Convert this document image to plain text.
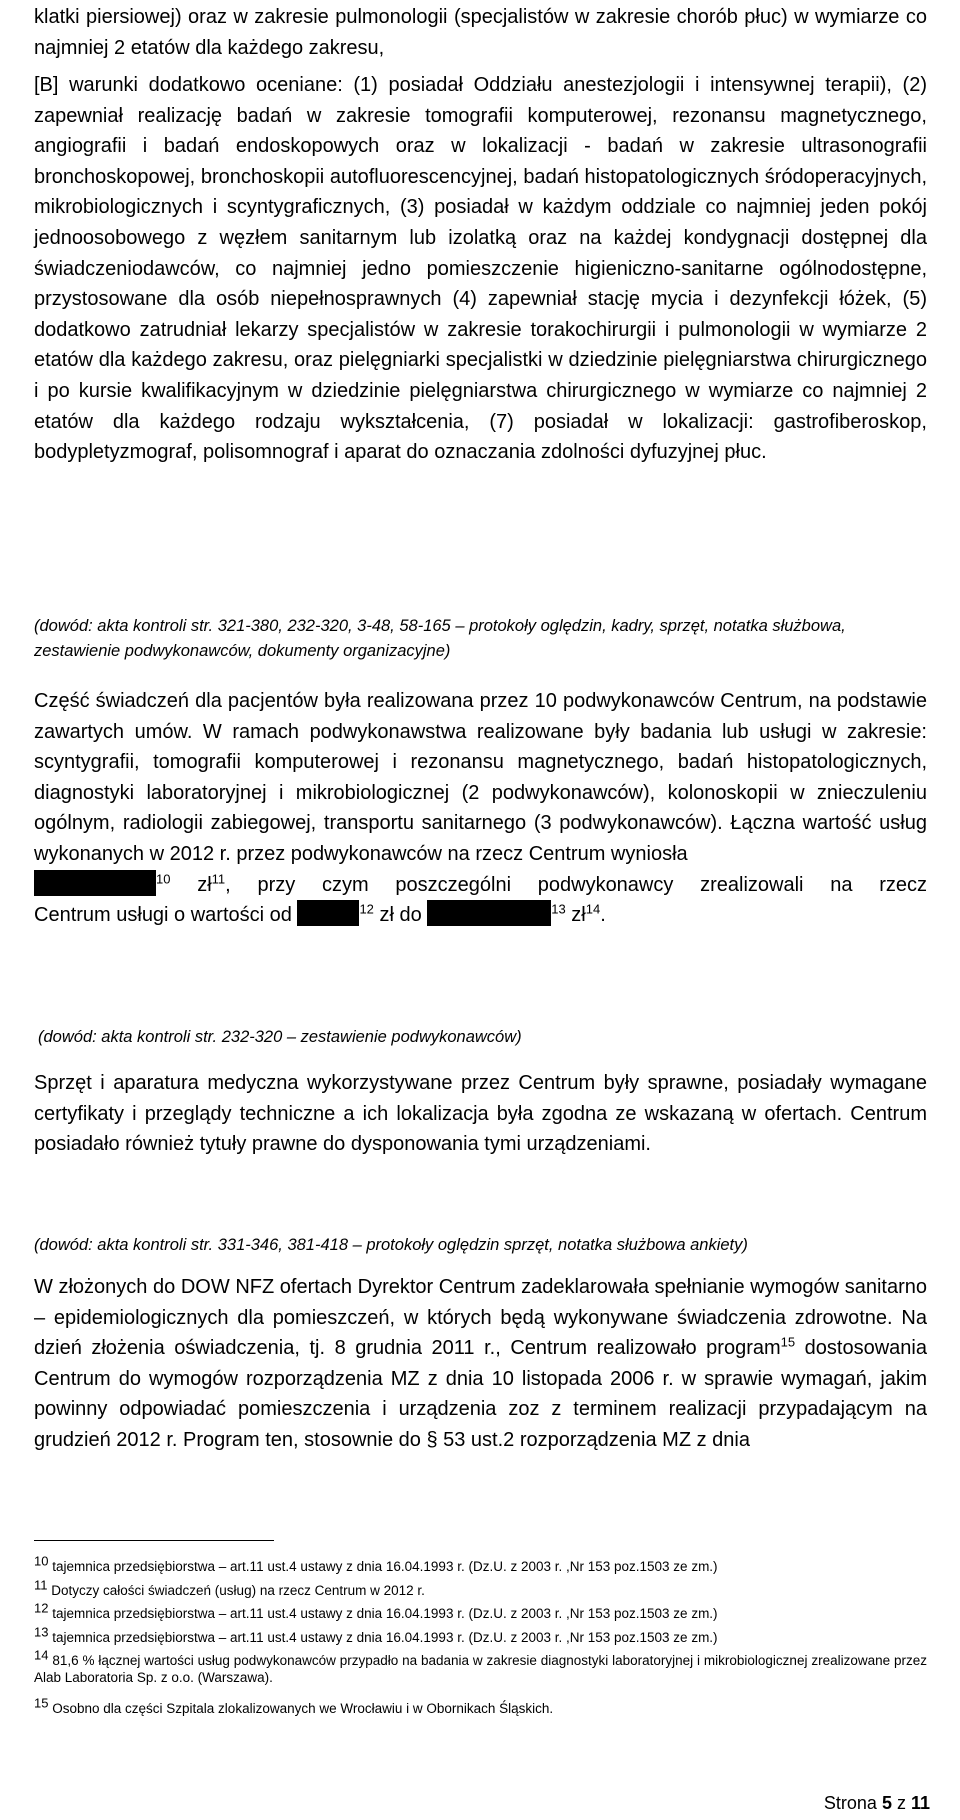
klatki piersiowej) oraz w zakresie pulmonologii (specjalistów w zakresie chorób płuc) w wymiarze co najmniej 2 etatów dla każdego zakresu,

[B] warunki dodatkowo oceniane: (1) posiadał Oddziału anestezjologii i intensywnej terapii), (2) zapewniał realizację badań w zakresie tomografii komputerowej, rezonansu magnetycznego, angiografii i badań endoskopowych oraz w lokalizacji - badań w zakresie ultrasonografii bronchoskopowej, bronchoskopii autofluorescencyjnej, badań histopatologicznych śródoperacyjnych, mikrobiologicznych i scyntygraficznych, (3) posiadał w każdym oddziale co najmniej jeden pokój jednoosobowego z węzłem sanitarnym lub izolatką oraz na każdej kondygnacji dostępnej dla świadczeniodawców, co najmniej jedno pomieszczenie higieniczno-sanitarne ogólnodostępne, przystosowane dla osób niepełnosprawnych (4) zapewniał stację mycia i dezynfekcji łóżek, (5) dodatkowo zatrudniał lekarzy specjalistów w zakresie torakochirurgii i pulmonologii w wymiarze 2 etatów dla każdego zakresu, oraz pielęgniarki specjalistki w dziedzinie pielęgniarstwa chirurgicznego i po kursie kwalifikacyjnym w dziedzinie pielęgniarstwa chirurgicznego w wymiarze co najmniej 2 etatów dla każdego rodzaju wykształcenia, (7) posiadał w lokalizacji: gastrofiberoskop, bodypletyzmograf, polisomnograf i aparat do oznaczania zdolności dyfuzyjnej płuc.

(dowód: akta kontroli str. 321-380, 232-320, 3-48, 58-165 – protokoły oględzin, kadry, sprzęt, notatka służbowa, zestawienie podwykonawców, dokumenty organizacyjne)

Część świadczeń dla pacjentów była realizowana przez 10 podwykonawców Centrum, na podstawie zawartych umów. W ramach podwykonawstwa realizowane były badania lub usługi w zakresie: scyntygrafii, tomografii komputerowej i rezonansu magnetycznego, badań histopatologicznych, diagnostyki laboratoryjnej i mikrobiologicznej (2 podwykonawców), kolonoskopii w znieczuleniu ogólnym, radiologii zabiegowej, transportu sanitarnego (3 podwykonawców). Łączna wartość usług wykonanych w 2012 r. przez podwykonawców na rzecz Centrum wyniosła
$^{10}$ $zł^{11}$, przy czym poszczególni podwykonawcy zrealizowali na rzecz
Centrum usługi o wartości od	$^{12}$ zł do	$^{13}$ $zł^{14}$.

(dowód: akta kontroli str. 232-320 – zestawienie podwykonawców)

Sprzęt i aparatura medyczna wykorzystywane przez Centrum były sprawne, posiadały wymagane certyfikaty i przeglądy techniczne a ich lokalizacja była zgodna ze wskazaną w ofertach. Centrum posiadało również tytuły prawne do dysponowania tymi urządzeniami.

(dowód: akta kontroli str. 331-346, 381-418 – protokoły oględzin sprzęt, notatka służbowa ankiety)

W złożonych do DOW NFZ ofertach Dyrektor Centrum zadeklarowała spełnianie wymogów sanitarno – epidemiologicznych dla pomieszczeń, w których będą wykonywane świadczenia zdrowotne. Na dzień złożenia oświadczenia, tj. 8 grudnia 2011 r., Centrum realizowało program$^{15}$ dostosowania Centrum do wymogów rozporządzenia MZ z dnia 10 listopada 2006 r. w sprawie wymagań, jakim powinny odpowiadać pomieszczenia i urządzenia zoz z terminem realizacji przypadającym na grudzień 2012 r. Program ten, stosownie do § 53 ust.2 rozporządzenia MZ z dnia

$^{10}$ tajemnica przedsiębiorstwa – art.11 ust.4 ustawy z dnia 16.04.1993 r. (Dz.U. z 2003 r. ,Nr 153 poz.1503 ze zm.)
$^{11}$ Dotyczy całości świadczeń (usług) na rzecz Centrum w 2012 r.
$^{12}$ tajemnica przedsiębiorstwa – art.11 ust.4 ustawy z dnia 16.04.1993 r. (Dz.U. z 2003 r. ,Nr 153 poz.1503 ze zm.)
$^{13}$ tajemnica przedsiębiorstwa – art.11 ust.4 ustawy z dnia 16.04.1993 r. (Dz.U. z 2003 r. ,Nr 153 poz.1503 ze zm.)
$^{14}$ 81,6 % łącznej wartości usług podwykonawców przypadło na badania w zakresie diagnostyki laboratoryjnej i mikrobiologicznej zrealizowane przez Alab Laboratoria Sp. z o.o. (Warszawa).
$^{15}$ Osobno dla części Szpitala zlokalizowanych we Wrocławiu i w Obornikach Śląskich.
Strona 5 z 11
